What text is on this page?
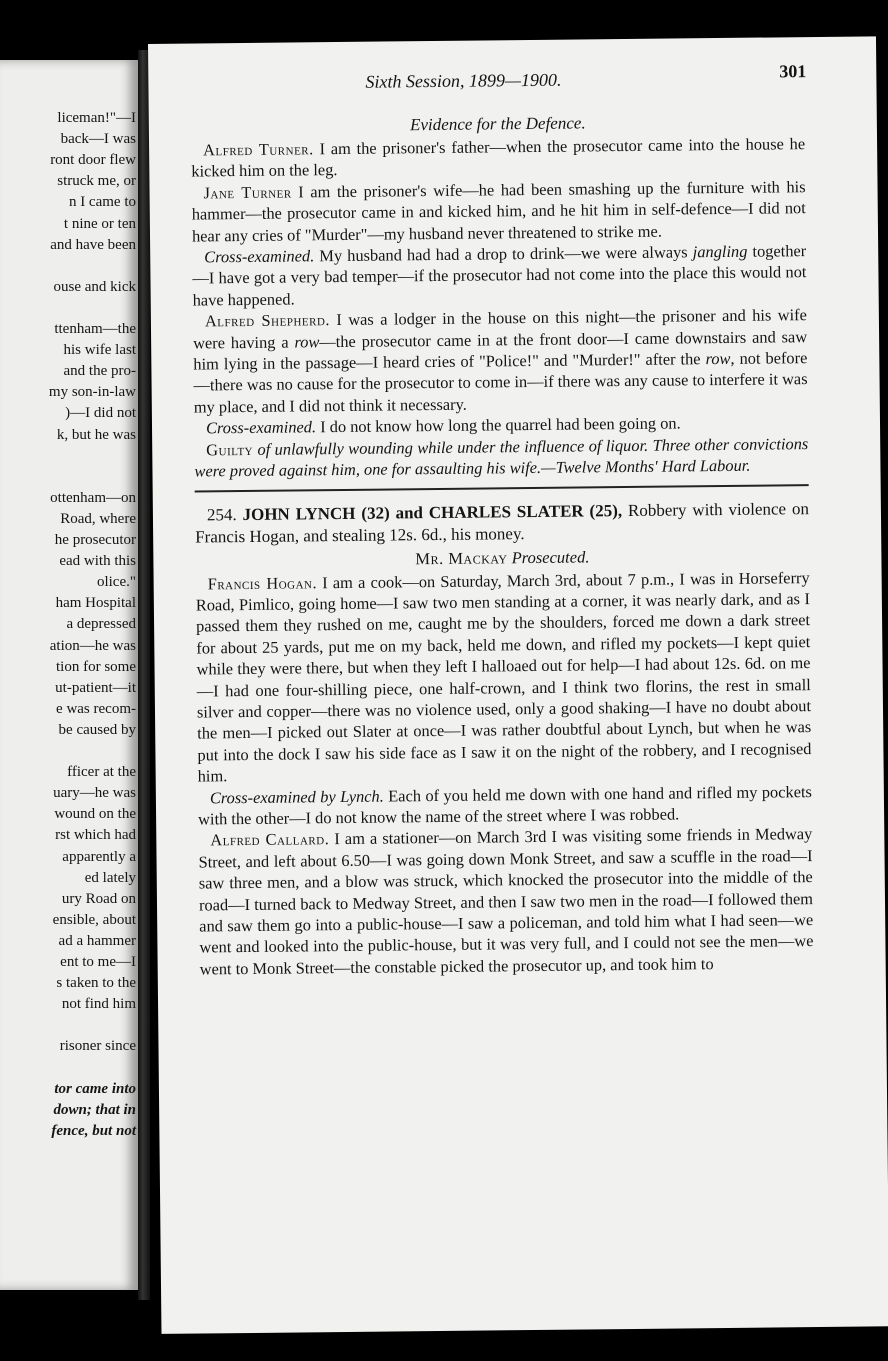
liceman!"—I
back—I was
ront door flew
struck me, or
n I came to
t nine or ten
and have been
ouse and kick
ttenham—the
his wife last
and the pro-
my son-in-law
)—I did not
k, but he was
ottenham—on
Road, where
he prosecutor
ead with this
olice."
ham Hospital
a depressed
ation—he was
tion for some
ut-patient—it
e was recom-
be caused by
fficer at the
uary—he was
wound on the
rst which had
apparently a
ed lately
ury Road on
ensible, about
ad a hammer
ent to me—I
s taken to the
not find him
risoner since
tor came into
down; that in
fence, but not
Sixth Session, 1899—1900.	301
Evidence for the Defence.

Alfred Turner. I am the prisoner's father—when the prosecutor came into the house he kicked him on the leg.

Jane Turner I am the prisoner's wife—he had been smashing up the furniture with his hammer—the prosecutor came in and kicked him, and he hit him in self-defence—I did not hear any cries of "Murder"—my husband never threatened to strike me.

Cross-examined. My husband had had a drop to drink—we were always jangling together—I have got a very bad temper—if the prosecutor had not come into the place this would not have happened.

Alfred Shepherd. I was a lodger in the house on this night—the prisoner and his wife were having a row—the prosecutor came in at the front door—I came downstairs and saw him lying in the passage—I heard cries of "Police!" and "Murder!" after the row, not before—there was no cause for the prosecutor to come in—if there was any cause to interfere it was my place, and I did not think it necessary.

Cross-examined. I do not know how long the quarrel had been going on.

Guilty of unlawfully wounding while under the influence of liquor. Three other convictions were proved against him, one for assaulting his wife.—Twelve Months' Hard Labour.

254. JOHN LYNCH (32) and CHARLES SLATER (25), Robbery with violence on Francis Hogan, and stealing 12s. 6d., his money.

Mr. Mackay Prosecuted.

Francis Hogan. I am a cook—on Saturday, March 3rd, about 7 p.m., I was in Horseferry Road, Pimlico, going home—I saw two men standing at a corner, it was nearly dark, and as I passed them they rushed on me, caught me by the shoulders, forced me down a dark street for about 25 yards, put me on my back, held me down, and rifled my pockets—I kept quiet while they were there, but when they left I halloaed out for help—I had about 12s. 6d. on me—I had one four-shilling piece, one half-crown, and I think two florins, the rest in small silver and copper—there was no violence used, only a good shaking—I have no doubt about the men—I picked out Slater at once—I was rather doubtful about Lynch, but when he was put into the dock I saw his side face as I saw it on the night of the robbery, and I recognised him.

Cross-examined by Lynch. Each of you held me down with one hand and rifled my pockets with the other—I do not know the name of the street where I was robbed.

Alfred Callard. I am a stationer—on March 3rd I was visiting some friends in Medway Street, and left about 6.50—I was going down Monk Street, and saw a scuffle in the road—I saw three men, and a blow was struck, which knocked the prosecutor into the middle of the road—I turned back to Medway Street, and then I saw two men in the road—I followed them and saw them go into a public-house—I saw a policeman, and told him what I had seen—we went and looked into the public-house, but it was very full, and I could not see the men—we went to Monk Street—the constable picked the prosecutor up, and took him to
